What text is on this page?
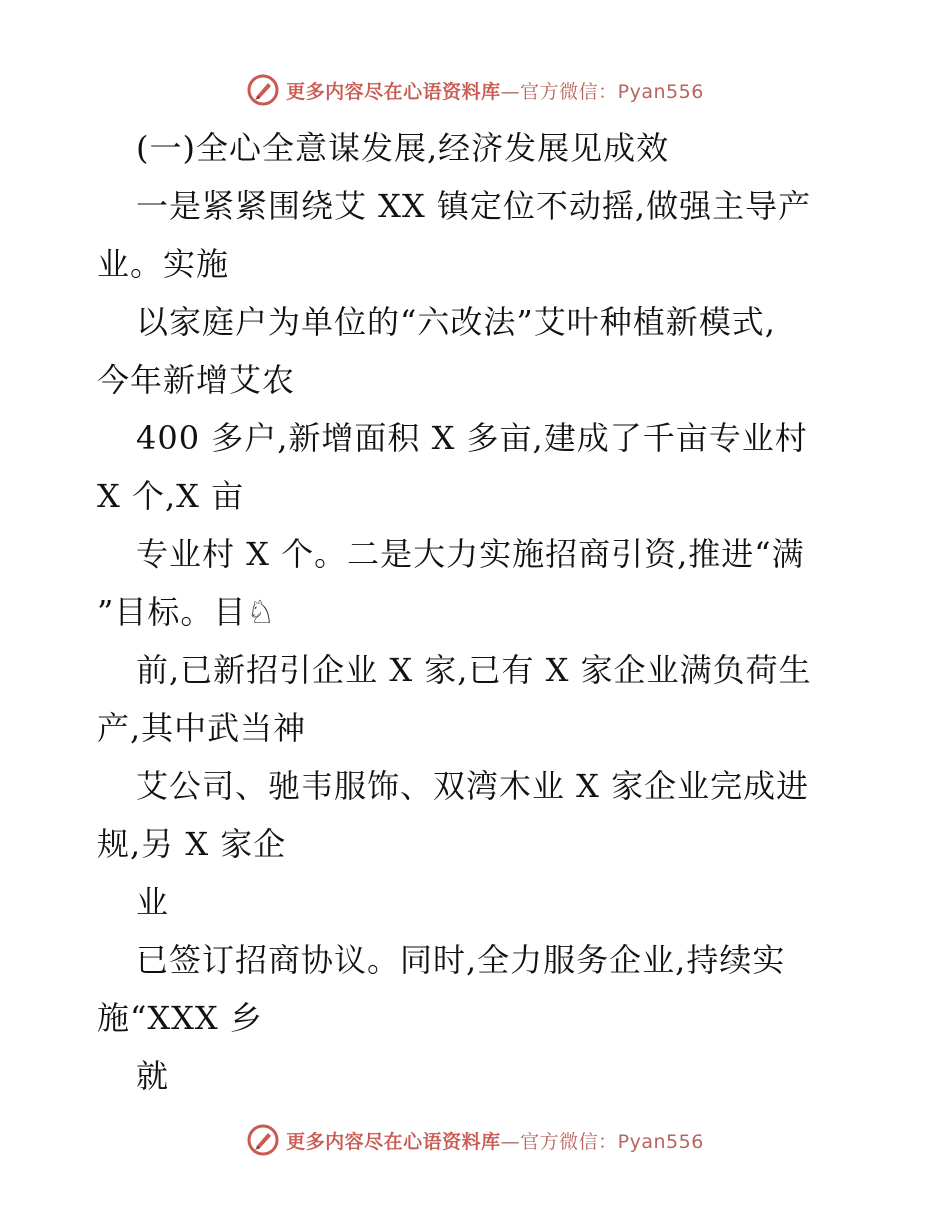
更多内容尽在心语资料库—官方微信：Pyan556
(一)全心全意谋发展,经济发展见成效
一是紧紧围绕艾 XX 镇定位不动摇,做强主导产
业。实施
以家庭户为单位的“六改法”艾叶种植新模式,
今年新增艾农
400 多户,新增面积 X 多亩,建成了千亩专业村
X 个,X 亩
专业村 X 个。二是大力实施招商引资,推进“满
”目标。目♘
前,已新招引企业 X 家,已有 X 家企业满负荷生
产,其中武当神
艾公司、驰韦服饰、双湾木业 X 家企业完成进
规,另 X 家企
业
已签订招商协议。同时,全力服务企业,持续实
施“XXX 乡
就
更多内容尽在心语资料库—官方微信：Pyan556
